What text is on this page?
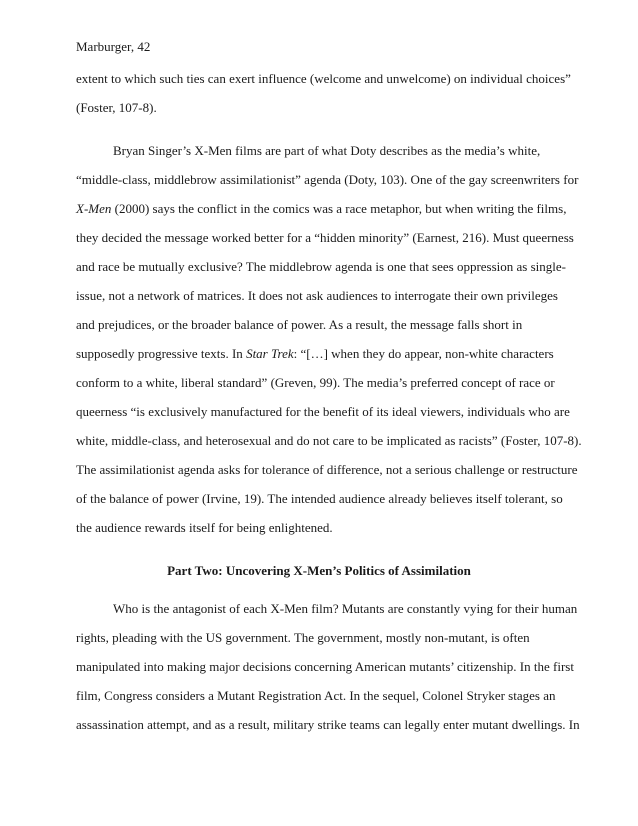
Marburger, 42
extent to which such ties can exert influence (welcome and unwelcome) on individual choices”
(Foster, 107-8).
Bryan Singer’s X-Men films are part of what Doty describes as the media’s white,
“middle-class, middlebrow assimilationist” agenda (Doty, 103). One of the gay screenwriters for
X-Men (2000) says the conflict in the comics was a race metaphor, but when writing the films,
they decided the message worked better for a “hidden minority” (Earnest, 216). Must queerness
and race be mutually exclusive? The middlebrow agenda is one that sees oppression as single-
issue, not a network of matrices. It does not ask audiences to interrogate their own privileges
and prejudices, or the broader balance of power. As a result, the message falls short in
supposedly progressive texts. In Star Trek: “[…] when they do appear, non-white characters
conform to a white, liberal standard” (Greven, 99). The media’s preferred concept of race or
queerness “is exclusively manufactured for the benefit of its ideal viewers, individuals who are
white, middle-class, and heterosexual and do not care to be implicated as racists” (Foster, 107-8).
The assimilationist agenda asks for tolerance of difference, not a serious challenge or restructure
of the balance of power (Irvine, 19). The intended audience already believes itself tolerant, so
the audience rewards itself for being enlightened.
Part Two: Uncovering X-Men’s Politics of Assimilation
Who is the antagonist of each X-Men film? Mutants are constantly vying for their human
rights, pleading with the US government. The government, mostly non-mutant, is often
manipulated into making major decisions concerning American mutants’ citizenship. In the first
film, Congress considers a Mutant Registration Act. In the sequel, Colonel Stryker stages an
assassination attempt, and as a result, military strike teams can legally enter mutant dwellings. In
